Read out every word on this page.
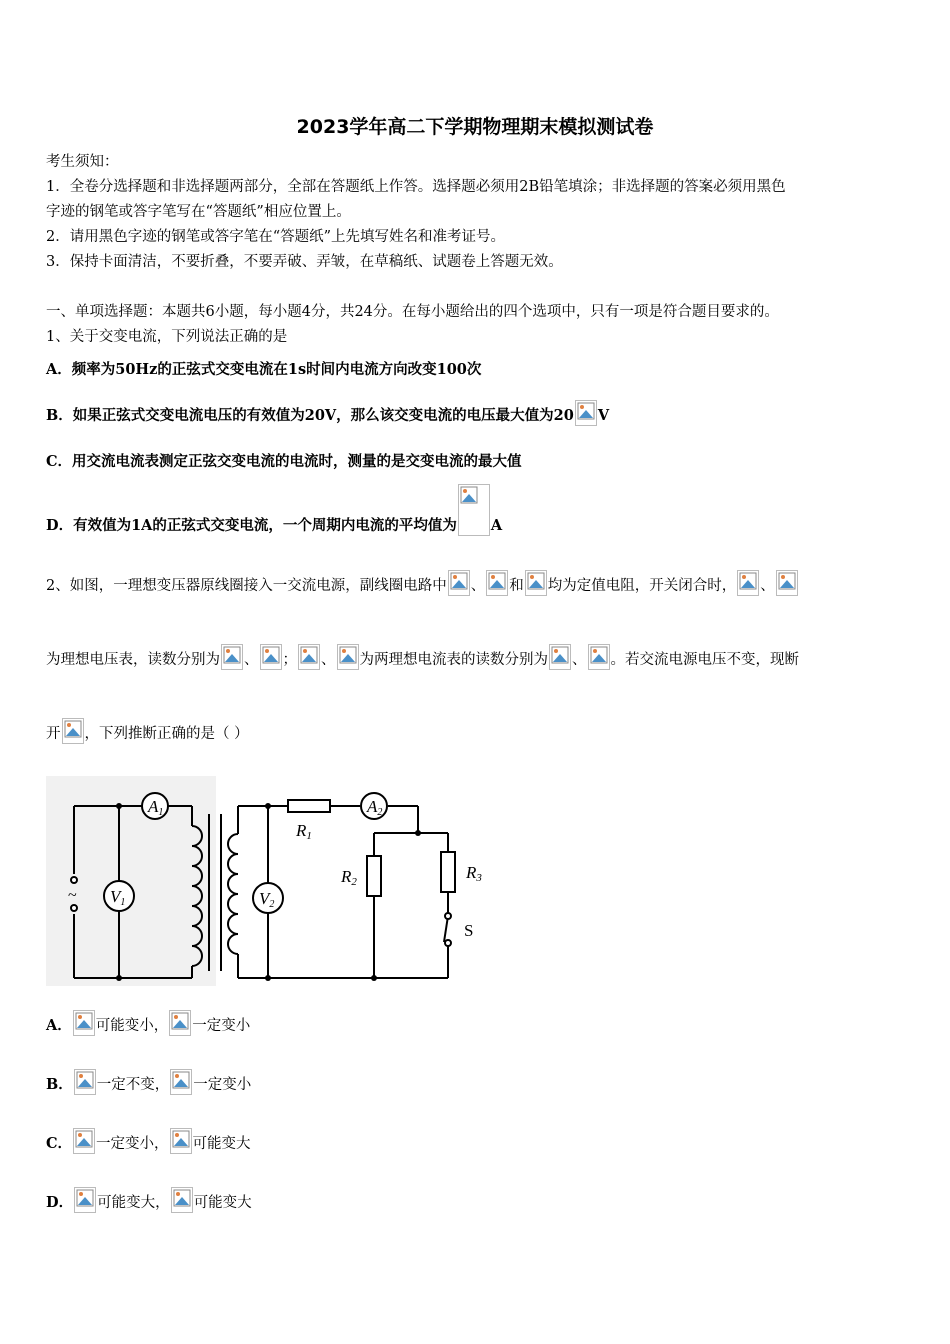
2023学年高二下学期物理期末模拟测试卷
考生须知：
1．全卷分选择题和非选择题两部分，全部在答题纸上作答。选择题必须用2B铅笔填涂；非选择题的答案必须用黑色
字迹的钢笔或答字笔写在“答题纸”相应位置上。
2．请用黑色字迹的钢笔或答字笔在“答题纸”上先填写姓名和准考证号。
3．保持卡面清洁，不要折叠，不要弄破、弄皱，在草稿纸、试题卷上答题无效。
一、单项选择题：本题共6小题，每小题4分，共24分。在每小题给出的四个选项中，只有一项是符合题目要求的。
1、关于交变电流，下列说法正确的是
A．频率为50Hz的正弦式交变电流在1s时间内电流方向改变100次
B．如果正弦式交变电流电压的有效值为20V，那么该交变电流的电压最大值为20 V
C．用交流电流表测定正弦交变电流的电流时，测量的是交变电流的最大值
D．有效值为1A的正弦式交变电流，一个周期内电流的平均值为 A
2、如图，一理想变压器原线圈接入一交流电源，副线圈电路中 、 和 均为定值电阻，开关闭合时， 、
为理想电压表，读数分别为 、 ； 、 为两理想电流表的读数分别为 、 。若交流电源电压不变，现断
开 ，下列推断正确的是（ ）
A1	A2
V1	V2
R1
R2	R3
S
~
A． 可能变小， 一定变小
B． 一定不变， 一定变小
C． 一定变小， 可能变大
D． 可能变大， 可能变大
